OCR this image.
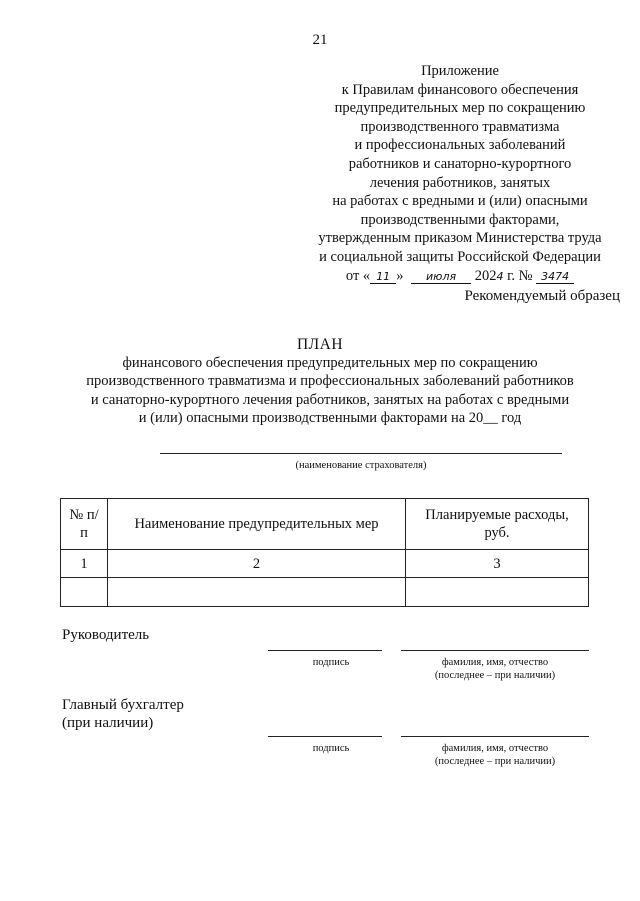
21
Приложение
к Правилам финансового обеспечения
предупредительных мер по сокращению
производственного травматизма
и профессиональных заболеваний
работников и санаторно-курортного
лечения работников, занятых
на работах с вредными и (или) опасными
производственными факторами,
утвержденным приказом Министерства труда
и социальной защиты Российской Федерации
от « 11 » июля 2024 г. № 3474
Рекомендуемый образец
ПЛАН
финансового обеспечения предупредительных мер по сокращению
производственного травматизма и профессиональных заболеваний работников
и санаторно-курортного лечения работников, занятых на работах с вредными
и (или) опасными производственными факторами на 20__ год
(наименование страхователя)
№ п/п	Наименование предупредительных мер	Планируемые расходы, руб.
1	2	3

Руководитель
подпись	фамилия, имя, отчество
(последнее – при наличии)
Главный бухгалтер
(при наличии)
подпись	фамилия, имя, отчество
(последнее – при наличии)
